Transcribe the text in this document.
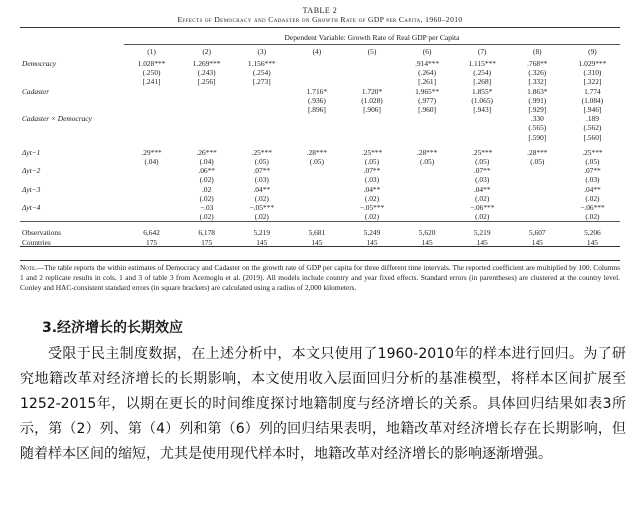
TABLE 2
Effects of Democracy and Cadaster on Growth Rate of GDP per Capita, 1960–2010
Dependent Variable: Growth Rate of Real GDP per Capita
	(1)	(2)	(3)	(4)	(5)	(6)	(7)	(8)	(9)
Democracy	1.028***	1.269***	1.156***			.914***	1.115***	.768**	1.029***
	(.250)	(.243)	(.254)			(.264)	(.254)	(.326)	(.310)
	[.241]	[.256]	[.273]			[.261]	[.268]	[.332]	[.322]
Cadaster				1.716*	1.720*	1.965**	1.855*	1.863*	1.774
				(.936)	(1.028)	(.977)	(1.065)	(.991)	(1.084)
				[.896]	[.906]	[.960]	[.943]	[.929]	[.946]
Cadaster × Democracy								.330	.189
								(.565)	(.562)
								[.590]	[.560]

Δyt−1	.29***	.26***	.25***	.28***	.25***	.28***	.25***	.28***	.25***
	(.04)	(.04)	(.05)	(.05)	(.05)	(.05)	(.05)	(.05)	(.05)
Δyt−2		.06**	.07**		.07**		.07**		.07**
		(.02)	(.03)		(.03)		(.03)		(.03)
Δyt−3		.02	.04**		.04**		.04**		.04**
		(.02)	(.02)		(.02)		(.02)		(.02)
Δyt−4		−.03	−.05***		−.05***		−.06***		−.06***
		(.02)	(.02)		(.02)		(.02)		(.02)

Observations	6,642	6,178	5,219	5,681	5,249	5,620	5,219	5,607	5,206
Countries	175	175	145	145	145	145	145	145	145
Note.—The table reports the within estimates of Democracy and Cadaster on the growth rate of GDP per capita for three different time intervals. The reported coefficient are multiplied by 100. Columns 1 and 2 replicate results in cols. 1 and 3 of table 3 from Acemoglu et al. (2019). All models include country and year fixed effects. Standard errors (in parentheses) are clustered at the country level. Conley and HAC-consistent standard errors (in square brackets) are calculated using a radius of 2,000 kilometers.
3.经济增长的长期效应
受限于民主制度数据，在上述分析中，本文只使用了1960-2010年的样本进行回归。为了研究地籍改革对经济增长的长期影响，本文使用收入层面回归分析的基准模型，将样本区间扩展至1252-2015年，以期在更长的时间维度探讨地籍制度与经济增长的关系。具体回归结果如表3所示，第（2）列、第（4）列和第（6）列的回归结果表明，地籍改革对经济增长存在长期影响，但随着样本区间的缩短，尤其是使用现代样本时，地籍改革对经济增长的影响逐渐增强。
